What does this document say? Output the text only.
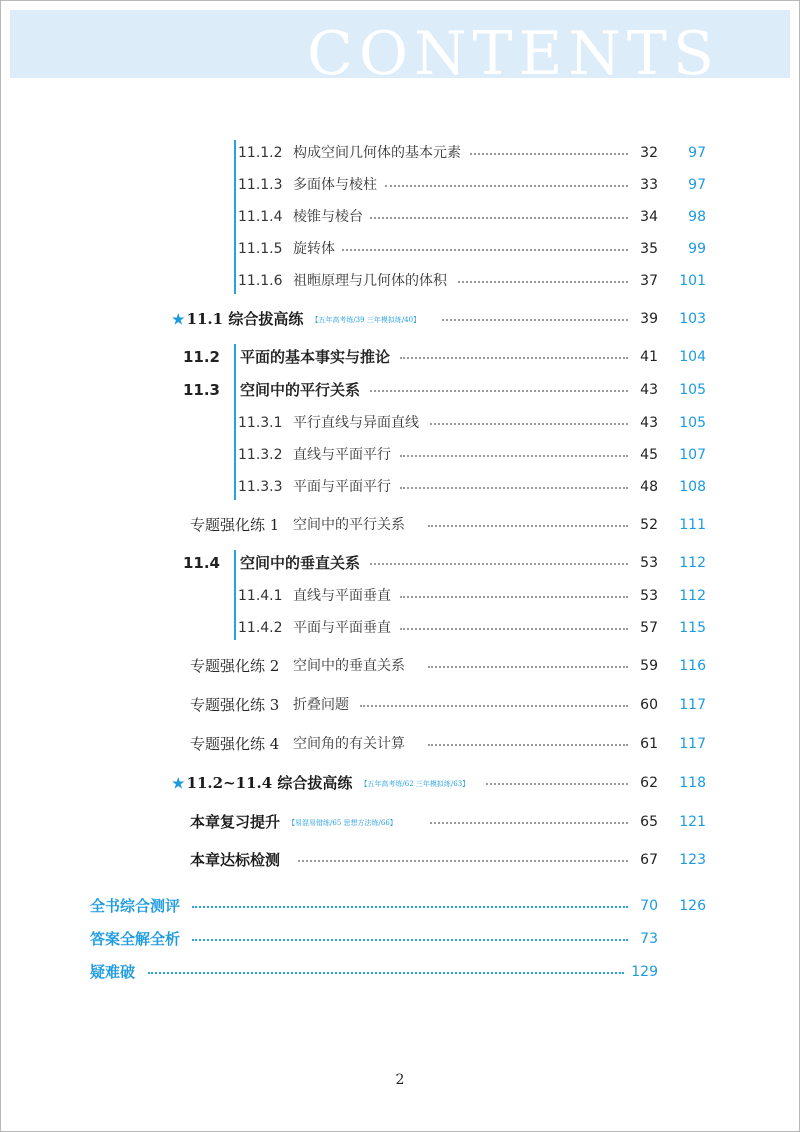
CONTENTS
11.1.2 构成空间几何体的基本元素	32	97
11.1.3 多面体与棱柱	33	97
11.1.4 棱锥与棱台	34	98
11.1.5 旋转体	35	99
11.1.6 祖暅原理与几何体的体积	37	101
★ 11.1 综合拔高练 【五年高考练/39 三年模拟练/40】	39	103
11.2 平面的基本事实与推论	41	104
11.3 空间中的平行关系	43	105
11.3.1 平行直线与异面直线	43	105
11.3.2 直线与平面平行	45	107
11.3.3 平面与平面平行	48	108
专题强化练 1 空间中的平行关系	52	111
11.4 空间中的垂直关系	53	112
11.4.1 直线与平面垂直	53	112
11.4.2 平面与平面垂直	57	115
专题强化练 2 空间中的垂直关系	59	116
专题强化练 3 折叠问题	60	117
专题强化练 4 空间角的有关计算	61	117
★ 11.2~11.4 综合拔高练 【五年高考练/62 三年模拟练/63】	62	118
本章复习提升 【易混易错练/65 思想方法练/66】	65	121
本章达标检测	67	123
全书综合测评	70	126
答案全解全析	73
疑难破	129
2
